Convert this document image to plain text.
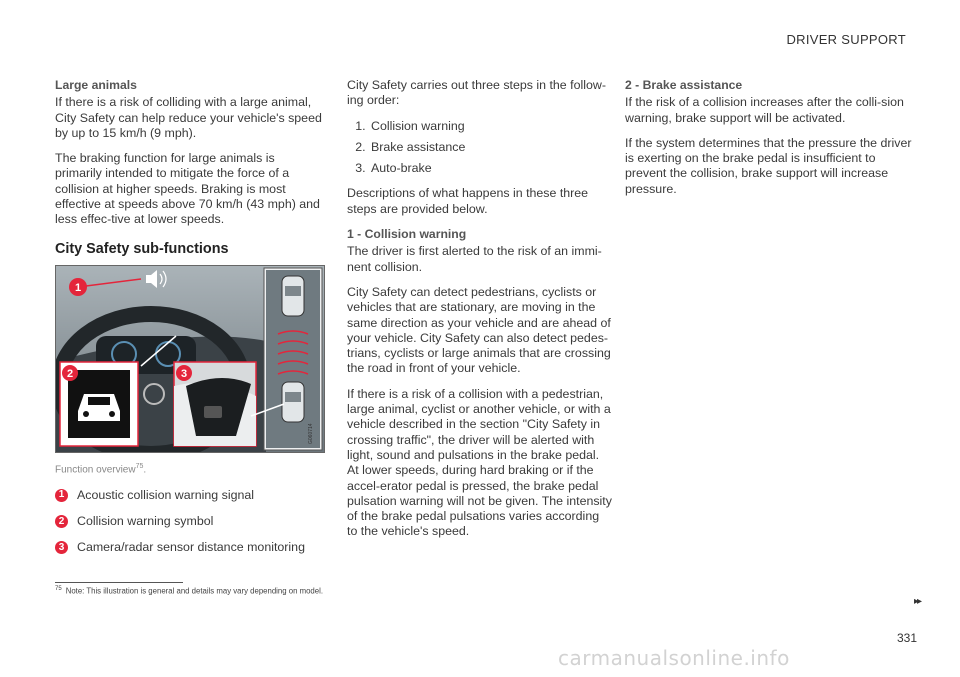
DRIVER SUPPORT
Large animals

If there is a risk of colliding with a large animal, City Safety can help reduce your vehicle's speed by up to 15 km/h (9 mph).

The braking function for large animals is primarily intended to mitigate the force of a collision at higher speeds. Braking is most effective at speeds above 70 km/h (43 mph) and less effec-tive at lower speeds.

City Safety sub-functions
1
2	3
G060714
Function overview$^{75}$.
1 Acoustic collision warning signal
2 Collision warning symbol
3 Camera/radar sensor distance monitoring

City Safety carries out three steps in the follow-ing order:

1. Collision warning
2. Brake assistance
3. Auto-brake

Descriptions of what happens in these three steps are provided below.

1 - Collision warning

The driver is first alerted to the risk of an immi-nent collision.

City Safety can detect pedestrians, cyclists or vehicles that are stationary, are moving in the same direction as your vehicle and are ahead of your vehicle. City Safety can also detect pedes-trians, cyclists or large animals that are crossing the road in front of your vehicle.

If there is a risk of a collision with a pedestrian, large animal, cyclist or another vehicle, or with a vehicle described in the section "City Safety in crossing traffic", the driver will be alerted with light, sound and pulsations in the brake pedal. At lower speeds, during hard braking or if the accel-erator pedal is pressed, the brake pedal pulsation warning will not be given. The intensity of the brake pedal pulsations varies according to the vehicle's speed.

2 - Brake assistance

If the risk of a collision increases after the colli-sion warning, brake support will be activated.

If the system determines that the pressure the driver is exerting on the brake pedal is insufficient to prevent the collision, brake support will increase pressure.

$^{75}$ Note: This illustration is general and details may vary depending on model.
▸▸
331
carmanualsonline.info
